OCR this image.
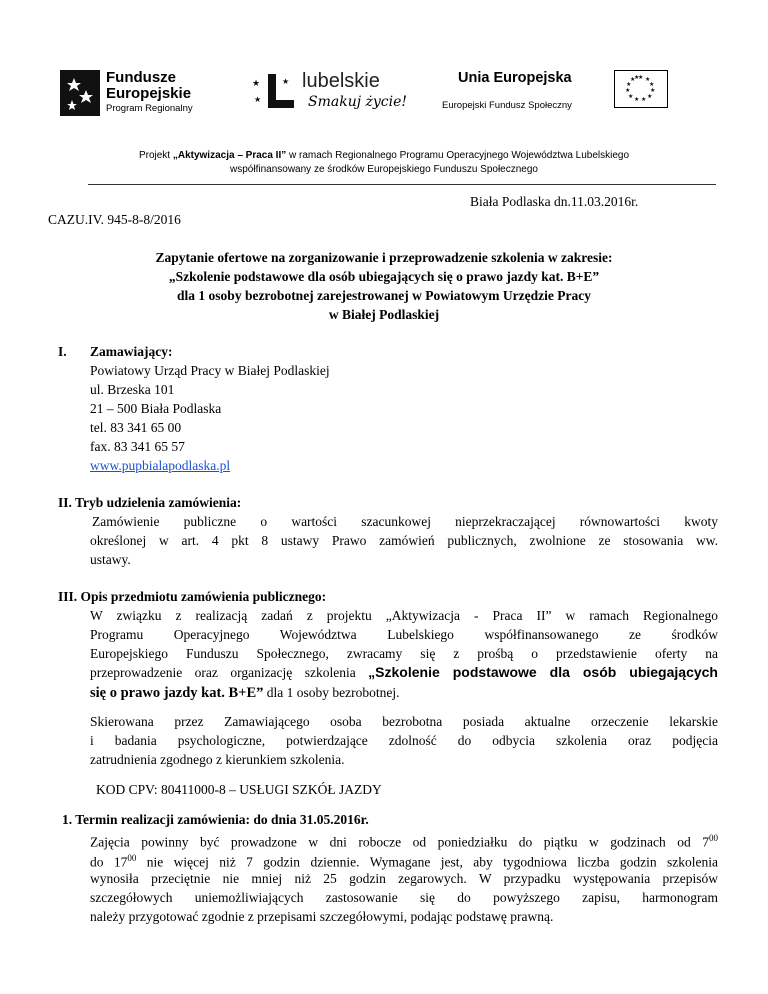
Fundusze
Europejskie
Program Regionalny
★
★
★ lubelskie
Smakuj życie!
Unia Europejska
Europejski Fundusz Społeczny
★ ★
★
★
★
★
★
★
★
★
★
★
Projekt „Aktywizacja – Praca II” w ramach Regionalnego Programu Operacyjnego Województwa Lubelskiego
współfinansowany ze środków Europejskiego Funduszu Społecznego
Biała Podlaska dn.11.03.2016r.
CAZU.IV. 945-8-8/2016
Zapytanie ofertowe na zorganizowanie i przeprowadzenie szkolenia w zakresie:
„Szkolenie podstawowe dla osób ubiegających się o prawo jazdy kat. B+E”
dla 1 osoby bezrobotnej zarejestrowanej w Powiatowym Urzędzie Pracy
w Białej Podlaskiej
I. Zamawiający:
Powiatowy Urząd Pracy w Białej Podlaskiej
ul. Brzeska 101
21 – 500 Biała Podlaska
tel. 83 341 65 00
fax. 83 341 65 57
www.pupbialapodlaska.pl
II. Tryb udzielenia zamówienia:
Zamówienie publiczne o wartości szacunkowej nieprzekraczającej równowartości kwoty
określonej w art. 4 pkt 8 ustawy Prawo zamówień publicznych, zwolnione ze stosowania ww.
ustawy.
III. Opis przedmiotu zamówienia publicznego:
W związku z realizacją zadań z projektu „Aktywizacja - Praca II” w ramach Regionalnego
Programu Operacyjnego Województwa Lubelskiego współfinansowanego ze środków
Europejskiego Funduszu Społecznego, zwracamy się z prośbą o przedstawienie oferty na
przeprowadzenie oraz organizację szkolenia „Szkolenie podstawowe dla osób ubiegających
się o prawo jazdy kat. B+E” dla 1 osoby bezrobotnej.
Skierowana przez Zamawiającego osoba bezrobotna posiada aktualne orzeczenie lekarskie
i badania psychologiczne, potwierdzające zdolność do odbycia szkolenia oraz podjęcia
zatrudnienia zgodnego z kierunkiem szkolenia.
KOD CPV: 80411000-8 – USŁUGI SZKÓŁ JAZDY
1. Termin realizacji zamówienia: do dnia 31.05.2016r.
Zajęcia powinny być prowadzone w dni robocze od poniedziałku do piątku w godzinach od $7^{00}$
do $17^{00}$ nie więcej niż 7 godzin dziennie. Wymagane jest, aby tygodniowa liczba godzin szkolenia
wynosiła przeciętnie nie mniej niż 25 godzin zegarowych. W przypadku występowania przepisów
szczegółowych uniemożliwiających zastosowanie się do powyższego zapisu, harmonogram
należy przygotować zgodnie z przepisami szczegółowymi, podając podstawę prawną.
